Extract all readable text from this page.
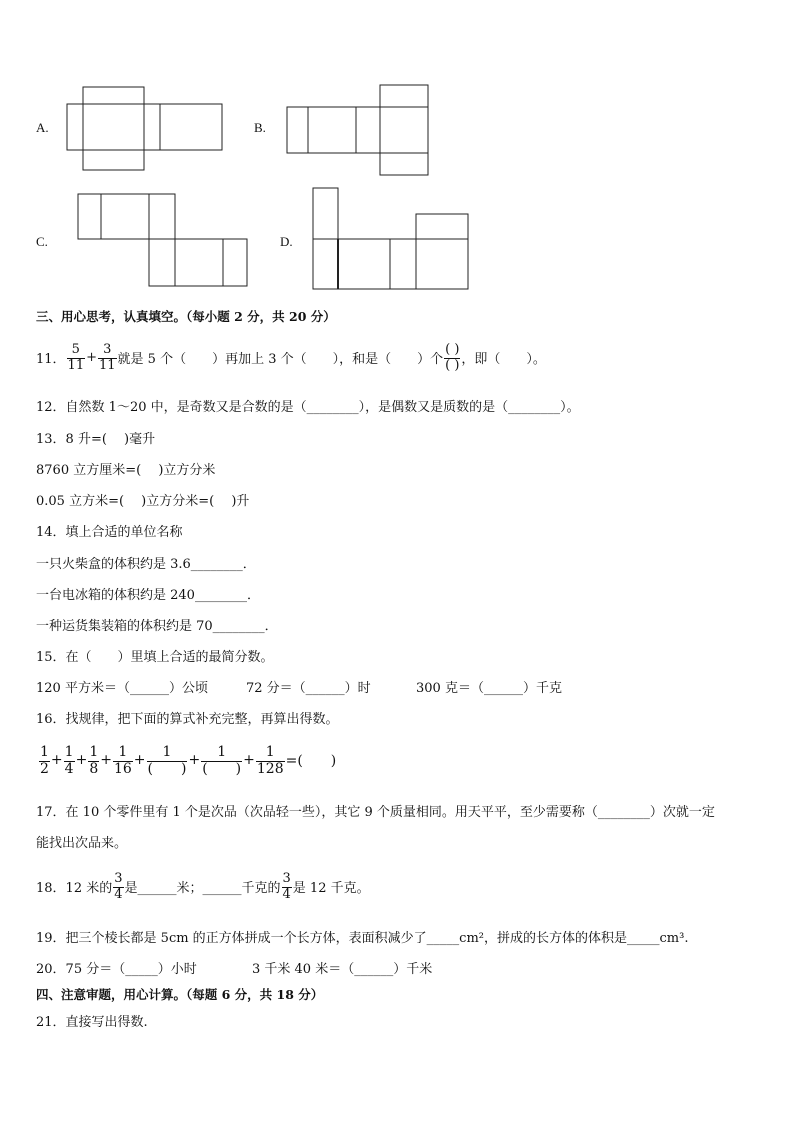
A.	B.
C.	D.
三、用心思考，认真填空。（每小题 2 分，共 20 分）
11． $\frac{5}{11} + \frac{3}{11}$ 就是 5 个（　　）再加上 3 个（　　），和是（　　）个 $\frac{( )}{( )}$ ，即（　　）。
12．自然数 1～20 中，是奇数又是合数的是（________），是偶数又是质数的是（________）。
13．8 升=(　 )毫升
8760 立方厘米=(　 )立方分米
0.05 立方米=(　 )立方分米=(　 )升
14．填上合适的单位名称
一只火柴盒的体积约是 3.6________．
一台电冰箱的体积约是 240________．
一种运货集装箱的体积约是 70________．
15．在（　　）里填上合适的最简分数。
120 平方米＝（______）公顷	72 分＝（______）时	300 克＝（______）千克
16．找规律，把下面的算式补充完整，再算出得数。
$\frac{1}{2} + \frac{1}{4} + \frac{1}{8} + \frac{1}{16} + \frac{1}{( )} + \frac{1}{( )} + \frac{1}{128}$ =(　　)
17．在 10 个零件里有 1 个是次品（次品轻一些），其它 9 个质量相同。用天平平，至少需要称（________）次就一定
能找出次品来。
18．12 米的 $\frac{3}{4}$ 是______米；______千克的 $\frac{3}{4}$ 是 12 千克。
19．把三个棱长都是 5cm 的正方体拼成一个长方体，表面积减少了_____cm²，拼成的长方体的体积是_____cm³.
20．75 分＝（_____）小时	3 千米 40 米＝（______）千米
四、注意审题，用心计算。（每题 6 分，共 18 分）
21．直接写出得数.
